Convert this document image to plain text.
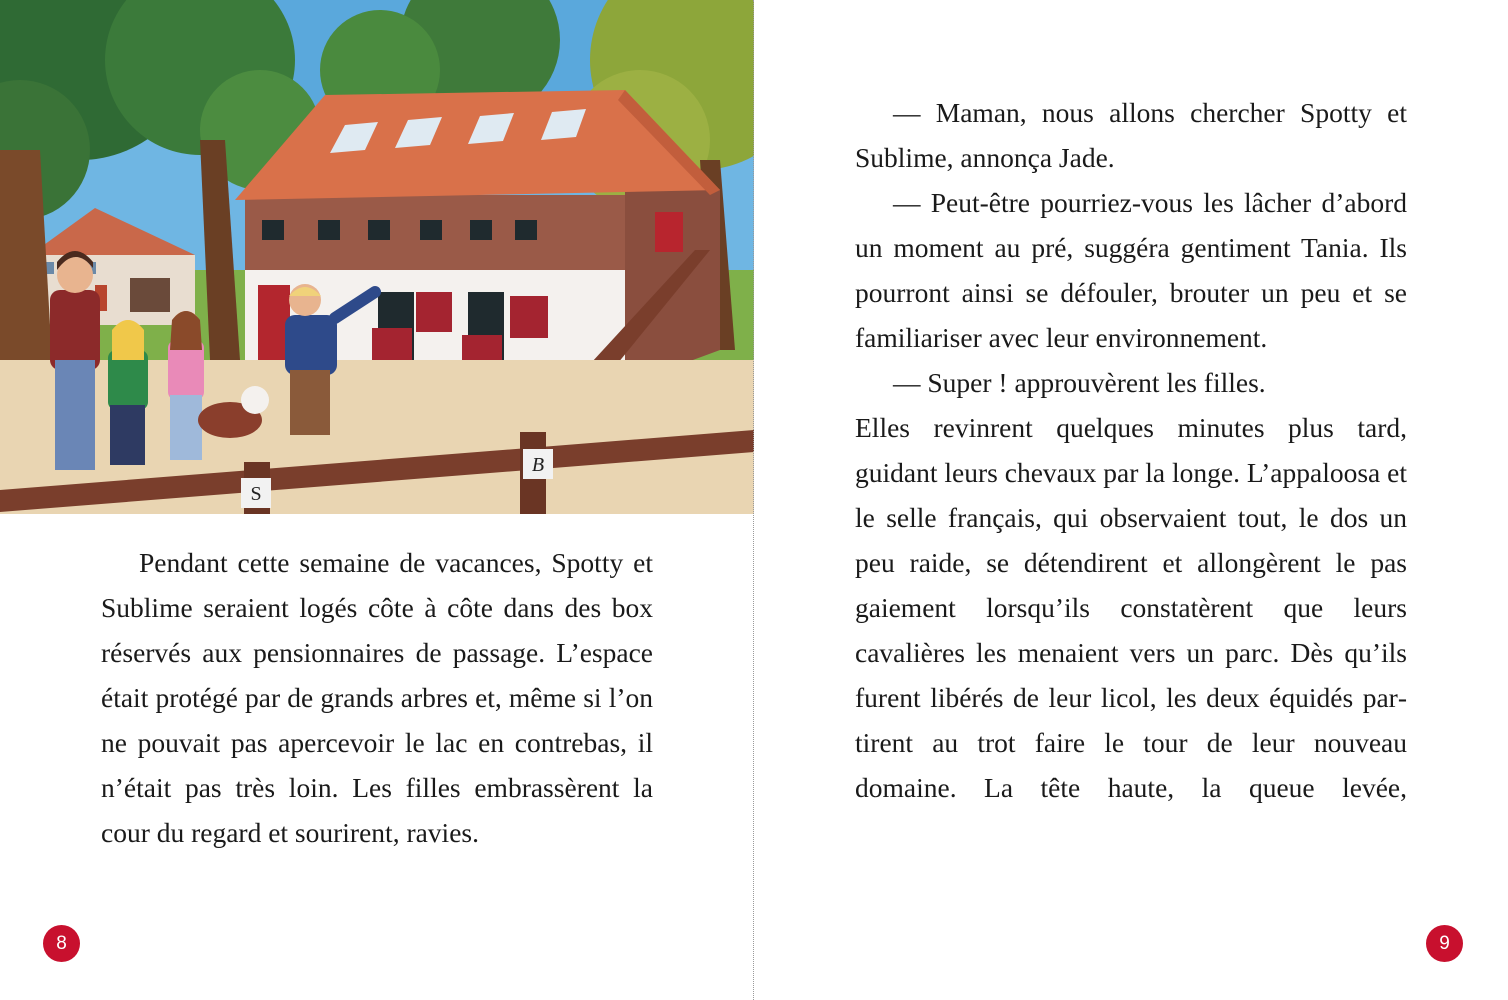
S
B

Pendant cette semaine de vacances, Spotty et Sublime seraient logés côte à côte dans des box réservés aux pensionnaires de passage. L’espace était protégé par de grands arbres et, même si l’on ne pouvait pas apercevoir le lac en contrebas, il n’était pas très loin. Les filles embrassèrent la cour du regard et sourirent, ravies.

8

— Maman, nous allons chercher Spotty et Sublime, annonça Jade.

— Peut-être pourriez-vous les lâcher d’abord un moment au pré, suggéra gentiment Tania. Ils pourront ainsi se défouler, brouter un peu et se familiariser avec leur environnement.

— Super ! approuvèrent les filles.

Elles revinrent quelques minutes plus tard, guidant leurs chevaux par la longe. L’appaloosa et le selle français, qui observaient tout, le dos un peu raide, se détendirent et allongèrent le pas gaiement lorsqu’ils constatèrent que leurs cavalières les menaient vers un parc. Dès qu’ils furent libérés de leur licol, les deux équidés partirent au trot faire le tour de leur nouveau domaine. La tête haute, la queue levée,

9
